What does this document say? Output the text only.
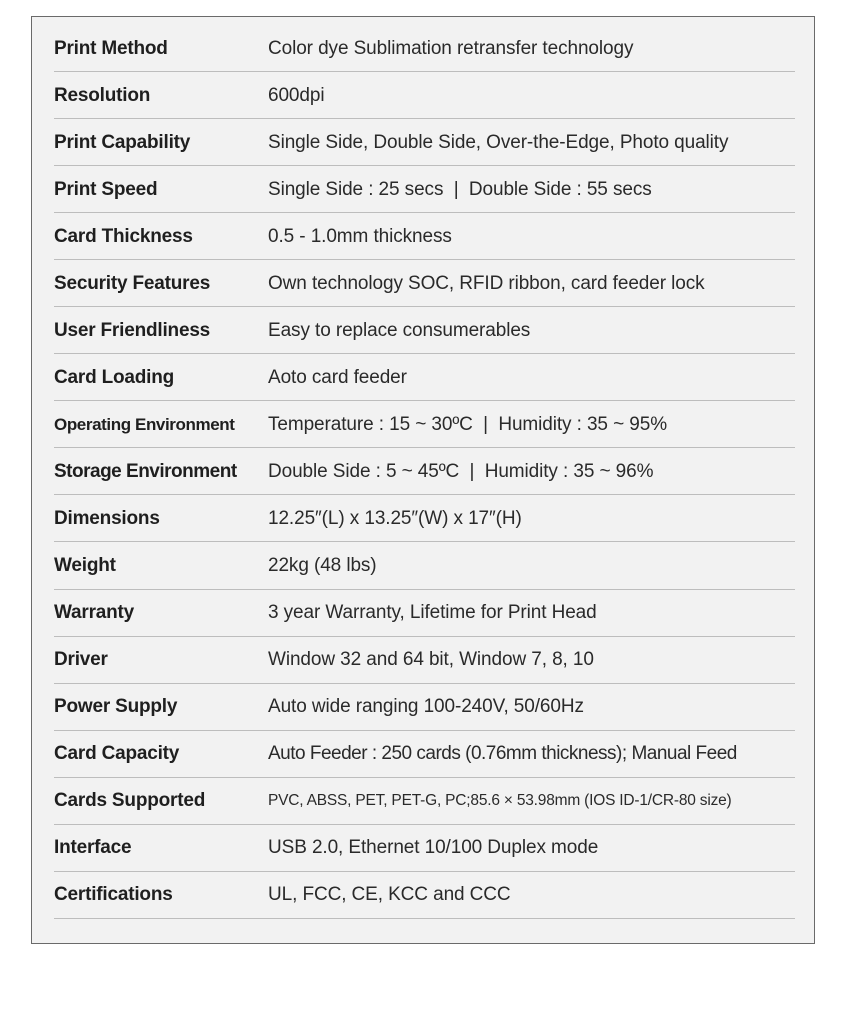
Print Method	Color dye Sublimation retransfer technology
Resolution	600dpi
Print Capability	Single Side, Double Side, Over-the-Edge, Photo quality
Print Speed	Single Side : 25 secs  |  Double Side : 55 secs
Card Thickness	0.5 - 1.0mm thickness
Security Features	Own technology SOC, RFID ribbon, card feeder lock
User Friendliness	Easy to replace consumerables
Card Loading	Aoto card feeder
Operating Environment	Temperature : 15 ~ 30ºC  |  Humidity : 35 ~ 95%
Storage Environment	Double Side : 5 ~ 45ºC  |  Humidity : 35 ~ 96%
Dimensions	12.25″(L) x 13.25″(W) x 17″(H)
Weight	22kg (48 lbs)
Warranty	3 year Warranty, Lifetime for Print Head
Driver	Window 32 and 64 bit, Window 7, 8, 10
Power Supply	Auto wide ranging 100-240V, 50/60Hz
Card Capacity	Auto Feeder : 250 cards (0.76mm thickness); Manual Feed
Cards Supported	PVC, ABSS, PET, PET-G, PC;85.6 × 53.98mm (IOS ID-1/CR-80 size)
Interface	USB 2.0, Ethernet 10/100 Duplex mode
Certifications	UL, FCC, CE, KCC and CCC
